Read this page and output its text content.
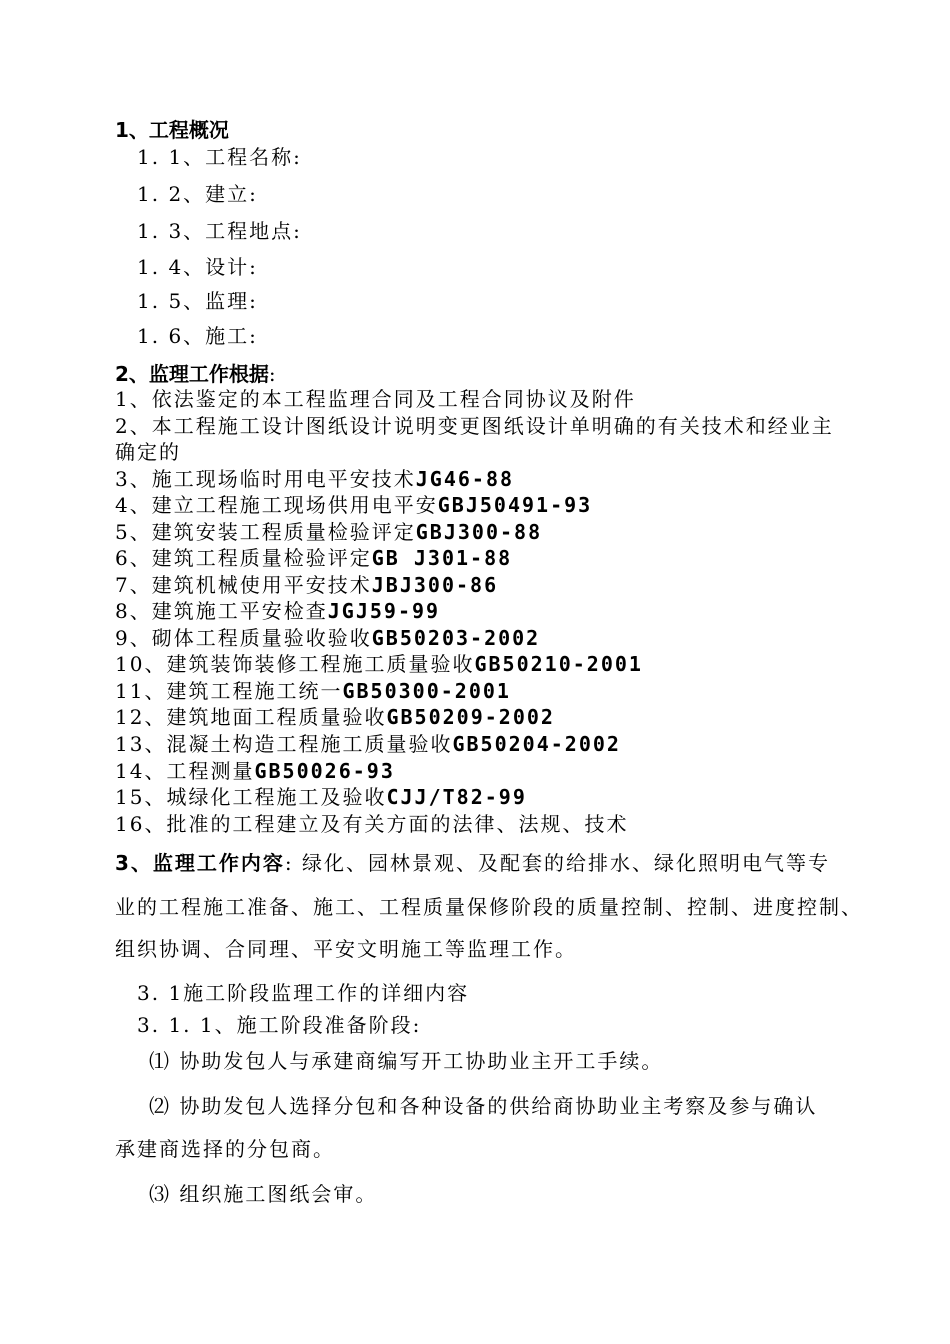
1、工程概况
1. 1、工程名称:
1. 2、建立:
1. 3、工程地点:
1. 4、设计:
1. 5、监理:
1. 6、施工:
2、监理工作根据:
1、依法鉴定的本工程监理合同及工程合同协议及附件
2、本工程施工设计图纸设计说明变更图纸设计单明确的有关技术和经业主
确定的
3、施工现场临时用电平安技术JG46-88
4、建立工程施工现场供用电平安GBJ50491-93
5、建筑安装工程质量检验评定GBJ300-88
6、建筑工程质量检验评定GB J301-88
7、建筑机械使用平安技术JBJ300-86
8、建筑施工平安检查JGJ59-99
9、砌体工程质量验收验收GB50203-2002
10、建筑装饰装修工程施工质量验收GB50210-2001
11、建筑工程施工统一GB50300-2001
12、建筑地面工程质量验收GB50209-2002
13、混凝土构造工程施工质量验收GB50204-2002
14、工程测量GB50026-93
15、城绿化工程施工及验收CJJ/T82-99
16、批准的工程建立及有关方面的法律、法规、技术
3、监理工作内容: 绿化、园林景观、及配套的给排水、绿化照明电气等专
业的工程施工准备、施工、工程质量保修阶段的质量控制、控制、进度控制、
组织协调、合同理、平安文明施工等监理工作。
3. 1施工阶段监理工作的详细内容
3. 1. 1、施工阶段准备阶段:
⑴ 协助发包人与承建商编写开工协助业主开工手续。
⑵ 协助发包人选择分包和各种设备的供给商协助业主考察及参与确认
承建商选择的分包商。
⑶ 组织施工图纸会审。
